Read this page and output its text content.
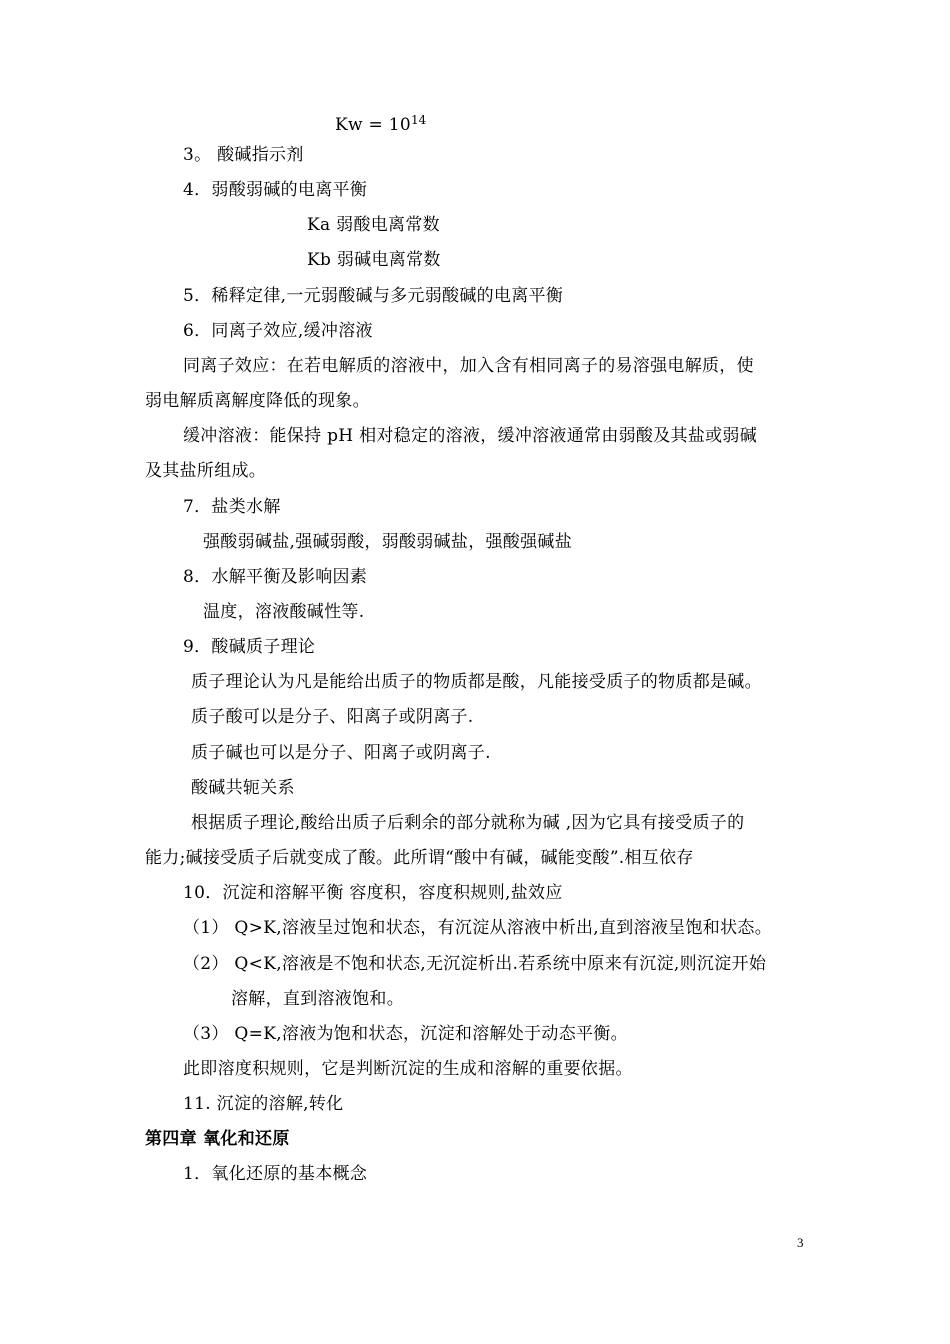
$Kw = 10^{14}$
3。 酸碱指示剂
4．弱酸弱碱的电离平衡
Ka 弱酸电离常数
Kb 弱碱电离常数
5．稀释定律,一元弱酸碱与多元弱酸碱的电离平衡
6．同离子效应,缓冲溶液
同离子效应：在若电解质的溶液中，加入含有相同离子的易溶强电解质，使
弱电解质离解度降低的现象。
缓冲溶液：能保持 pH 相对稳定的溶液，缓冲溶液通常由弱酸及其盐或弱碱
及其盐所组成。
7．盐类水解
强酸弱碱盐,强碱弱酸，弱酸弱碱盐，强酸强碱盐
8．水解平衡及影响因素
温度，溶液酸碱性等.
9．酸碱质子理论
质子理论认为凡是能给出质子的物质都是酸，凡能接受质子的物质都是碱。
质子酸可以是分子、阳离子或阴离子.
质子碱也可以是分子、阳离子或阴离子.
酸碱共轭关系
根据质子理论,酸给出质子后剩余的部分就称为碱 ,因为它具有接受质子的
能力;碱接受质子后就变成了酸。此所谓“酸中有碱，碱能变酸”.相互依存
10．沉淀和溶解平衡 容度积，容度积规则,盐效应
（1） Q>K,溶液呈过饱和状态，有沉淀从溶液中析出,直到溶液呈饱和状态。
（2） Q<K,溶液是不饱和状态,无沉淀析出.若系统中原来有沉淀,则沉淀开始
溶解，直到溶液饱和。
（3） Q=K,溶液为饱和状态，沉淀和溶解处于动态平衡。
此即溶度积规则，它是判断沉淀的生成和溶解的重要依据。
11. 沉淀的溶解,转化
第四章 氧化和还原
1．氧化还原的基本概念
3
